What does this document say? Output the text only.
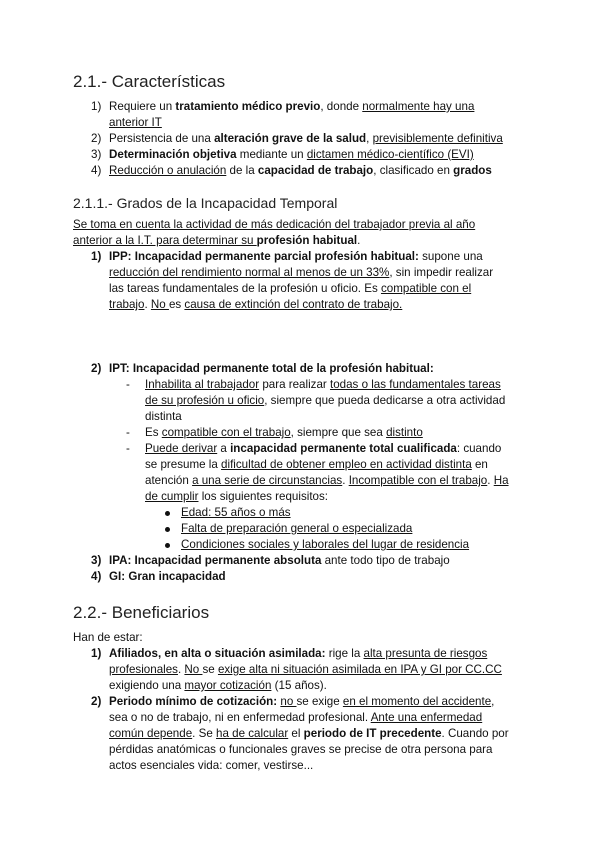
2.1.- Características
1) Requiere un tratamiento médico previo, donde normalmente hay una
anterior IT
2) Persistencia de una alteración grave de la salud, previsiblemente definitiva
3) Determinación objetiva mediante un dictamen médico-científico (EVI)
4) Reducción o anulación de la capacidad de trabajo, clasificado en grados
2.1.1.- Grados de la Incapacidad Temporal
Se toma en cuenta la actividad de más dedicación del trabajador previa al año
anterior a la I.T. para determinar su profesión habitual.
1) IPP: Incapacidad permanente parcial profesión habitual: supone una
reducción del rendimiento normal al menos de un 33%, sin impedir realizar
las tareas fundamentales de la profesión u oficio. Es compatible con el
trabajo. No es causa de extinción del contrato de trabajo.
2) IPT: Incapacidad permanente total de la profesión habitual:
- Inhabilita al trabajador para realizar todas o las fundamentales tareas
de su profesión u oficio, siempre que pueda dedicarse a otra actividad
distinta
- Es compatible con el trabajo, siempre que sea distinto
- Puede derivar a incapacidad permanente total cualificada: cuando
se presume la dificultad de obtener empleo en actividad distinta en
atención a una serie de circunstancias. Incompatible con el trabajo. Ha
de cumplir los siguientes requisitos:
Edad: 55 años o más
Falta de preparación general o especializada
Condiciones sociales y laborales del lugar de residencia
3) IPA: Incapacidad permanente absoluta ante todo tipo de trabajo
4) GI: Gran incapacidad
2.2.- Beneficiarios
Han de estar:
1) Afiliados, en alta o situación asimilada: rige la alta presunta de riesgos
profesionales. No se exige alta ni situación asimilada en IPA y GI por CC.CC
exigiendo una mayor cotización (15 años).
2) Periodo mínimo de cotización: no se exige en el momento del accidente,
sea o no de trabajo, ni en enfermedad profesional. Ante una enfermedad
común depende. Se ha de calcular el periodo de IT precedente. Cuando por
pérdidas anatómicas o funcionales graves se precise de otra persona para
actos esenciales vida: comer, vestirse...
